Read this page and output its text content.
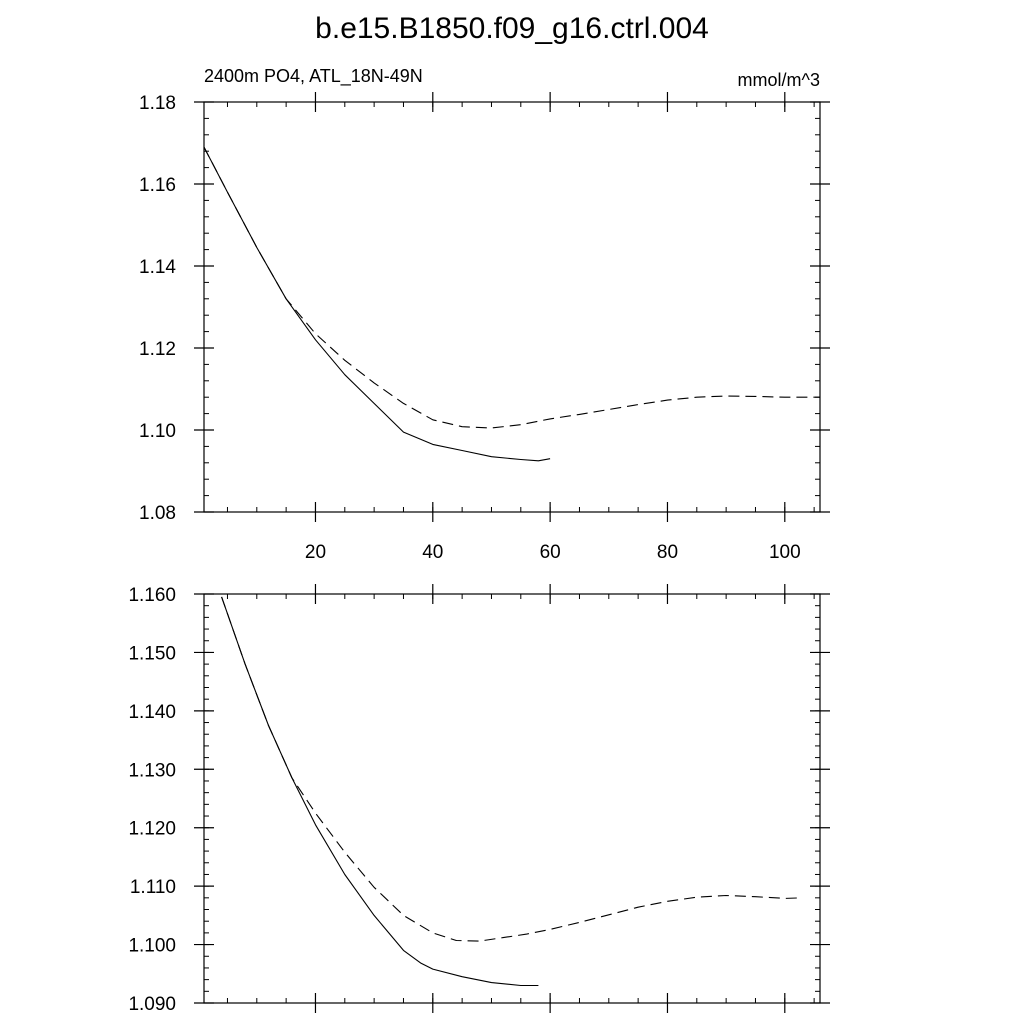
b.e15.B1850.f09_g16.ctrl.004
2400m PO4, ATL_18N-49N	mmol/m^3
20	40	60	80	100
1.08
1.10
1.12
1.14
1.16
1.18
1.090
1.100
1.110
1.120
1.130
1.140
1.150
1.160
